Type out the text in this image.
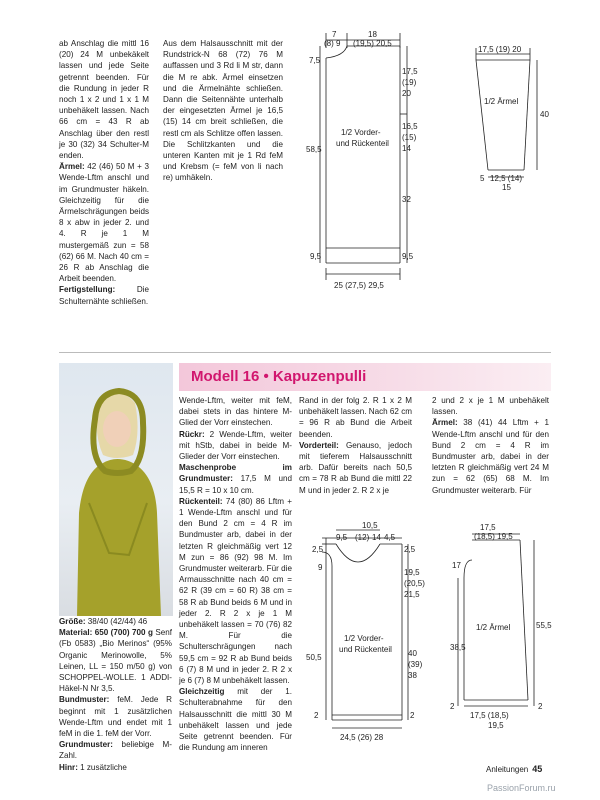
ab Anschlag die mittl 16 (20) 24 M unbekäkelt lassen und jede Seite getrennt beenden. Für die Rundung in jeder R noch 1 x 2 und 1 x 1 M unbehäkelt lassen. Nach 66 cm = 43 R ab Anschlag über den restl je 30 (32) 34 Schulter-M enden.

Ärmel: 42 (46) 50 M + 3 Wende-Lftm anschl und im Grundmuster häkeln. Gleichzeitig für die Ärmelschrägungen beids 8 x abw in jeder 2. und 4. R je 1 M mustergemäß zun = 58 (62) 66 M. Nach 40 cm = 26 R ab Anschlag die Arbeit beenden.

Fertigstellung: Die Schulternähte schließen.

Aus dem Halsausschnitt mit der Rundstrick-N 68 (72) 76 M auffassen und 3 Rd li M str, dann die M re abk. Ärmel einsetzen und die Ärmelnähte schließen. Dann die Seitennähte unterhalb der eingesetzten Ärmel je 16,5 (15) 14 cm breit schließen, die restl cm als Schlitze offen lassen. Die Schlitzkanten und die unteren Kanten mit je 1 Rd feM und Krebsm (= feM von li nach re) umhäkeln.

7	18
(8) 9 (19,5) 20,5
7,5
17,5
(19)
20
16,5
(15)
14
58,5
1/2 Vorder-
und Rückenteil
32
9,5	9,5
25 (27,5) 29,5
17,5 (19) 20
1/2 Ärmel
40
5 12,5 (14)
15
Modell 16 • Kapuzenpulli

Größe: 38/40 (42/44) 46

Material: 650 (700) 700 g Senf (Fb 0583) „Bio Merinos“ (95% Organic Merinowolle, 5% Leinen, LL = 150 m/50 g) von SCHOPPEL-WOLLE. 1 ADDI-Häkel-N Nr 3,5.

Bundmuster: feM. Jede R beginnt mit 1 zusätzlichen Wende-Lftm und endet mit 1 feM in die 1. feM der Vorr.

Grundmuster: beliebige M-Zahl.

Hinr: 1 zusätzliche

Wende-Lftm, weiter mit feM, dabei stets in das hintere M-Glied der Vorr einstechen.

Rückr: 2 Wende-Lftm, weiter mit hStb, dabei in beide M-Glieder der Vorr einstechen.

Maschenprobe im Grundmuster: 17,5 M und 15,5 R = 10 x 10 cm.

Rückenteil: 74 (80) 86 Lftm + 1 Wende-Lftm anschl und für den Bund 2 cm = 4 R im Bundmuster arb, dabei in der letzten R gleichmäßig vert 12 M zun = 86 (92) 98 M. Im Grundmuster weiterarb. Für die Armausschnitte nach 40 cm = 62 R (39 cm = 60 R) 38 cm = 58 R ab Bund beids 6 M und in jeder 2. R 2 x je 1 M unbehäkelt lassen = 70 (76) 82 M. Für die Schulterschrägungen nach 59,5 cm = 92 R ab Bund beids 6 (7) 8 M und in jeder 2. R 2 x je 6 (7) 8 M unbehäkelt lassen.

Gleichzeitig mit der 1. Schulterabnahme für den Halsausschnitt die mittl 30 M unbehäkelt lassen und jede Seite getrennt beenden. Für die Rundung am inneren

Rand in der folg 2. R 1 x 2 M unbehäkelt lassen. Nach 62 cm = 96 R ab Bund die Arbeit beenden.

Vorderteil: Genauso, jedoch mit tieferem Halsausschnitt arb. Dafür bereits nach 50,5 cm = 78 R ab Bund die mittl 22 M und in jeder 2. R 2 x je

2 und 2 x je 1 M unbehäkelt lassen.

Ärmel: 38 (41) 44 Lftm + 1 Wende-Lftm anschl und für den Bund 2 cm = 4 R im Bundmuster arb, dabei in der letzten R gleichmäßig vert 24 M zun = 62 (65) 68 M. Im Grundmuster weiterarb. Für

10,5
9,5 (12) 14 4,5
2,5	2,5
9
19,5
(20,5)
21,5
1/2 Vorder-
und Rückenteil
50,5	40
(39)
38
2	2
24,5 (26) 28
17,5
(18,5) 19,5
17
1/2 Ärmel	55,5
38,5
2	2
17,5 (18,5)
19,5
Anleitungen 45
PassionForum.ru
